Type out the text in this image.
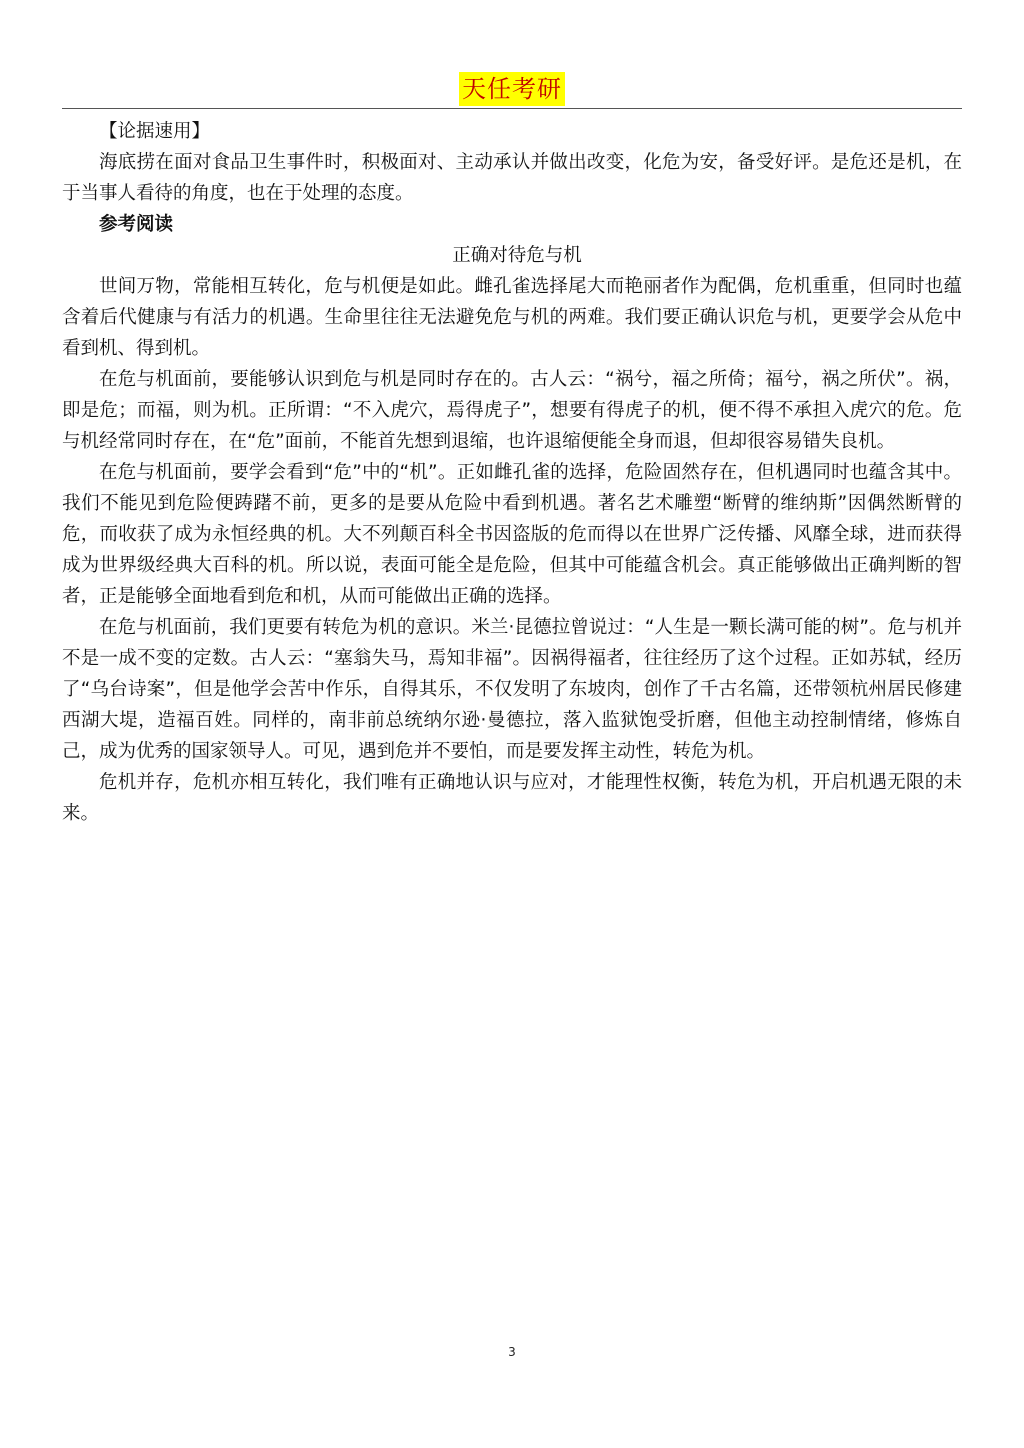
天任考研

【论据速用】

海底捞在面对食品卫生事件时，积极面对、主动承认并做出改变，化危为安，备受好评。是危还是机，在于当事人看待的角度，也在于处理的态度。

参考阅读

正确对待危与机

世间万物，常能相互转化，危与机便是如此。雌孔雀选择尾大而艳丽者作为配偶，危机重重，但同时也蕴含着后代健康与有活力的机遇。生命里往往无法避免危与机的两难。我们要正确认识危与机，更要学会从危中看到机、得到机。

在危与机面前，要能够认识到危与机是同时存在的。古人云：“祸兮，福之所倚；福兮，祸之所伏”。祸，即是危；而福，则为机。正所谓：“不入虎穴，焉得虎子”，想要有得虎子的机，便不得不承担入虎穴的危。危与机经常同时存在，在“危”面前，不能首先想到退缩，也许退缩便能全身而退，但却很容易错失良机。

在危与机面前，要学会看到“危”中的“机”。正如雌孔雀的选择，危险固然存在，但机遇同时也蕴含其中。我们不能见到危险便踌躇不前，更多的是要从危险中看到机遇。著名艺术雕塑“断臂的维纳斯”因偶然断臂的危，而收获了成为永恒经典的机。大不列颠百科全书因盗版的危而得以在世界广泛传播、风靡全球，进而获得成为世界级经典大百科的机。所以说，表面可能全是危险，但其中可能蕴含机会。真正能够做出正确判断的智者，正是能够全面地看到危和机，从而可能做出正确的选择。

在危与机面前，我们更要有转危为机的意识。米兰·昆德拉曾说过：“人生是一颗长满可能的树”。危与机并不是一成不变的定数。古人云：“塞翁失马，焉知非福”。因祸得福者，往往经历了这个过程。正如苏轼，经历了“乌台诗案”，但是他学会苦中作乐，自得其乐，不仅发明了东坡肉，创作了千古名篇，还带领杭州居民修建西湖大堤，造福百姓。同样的，南非前总统纳尔逊·曼德拉，落入监狱饱受折磨，但他主动控制情绪，修炼自己，成为优秀的国家领导人。可见，遇到危并不要怕，而是要发挥主动性，转危为机。

危机并存，危机亦相互转化，我们唯有正确地认识与应对，才能理性权衡，转危为机，开启机遇无限的未来。

3
